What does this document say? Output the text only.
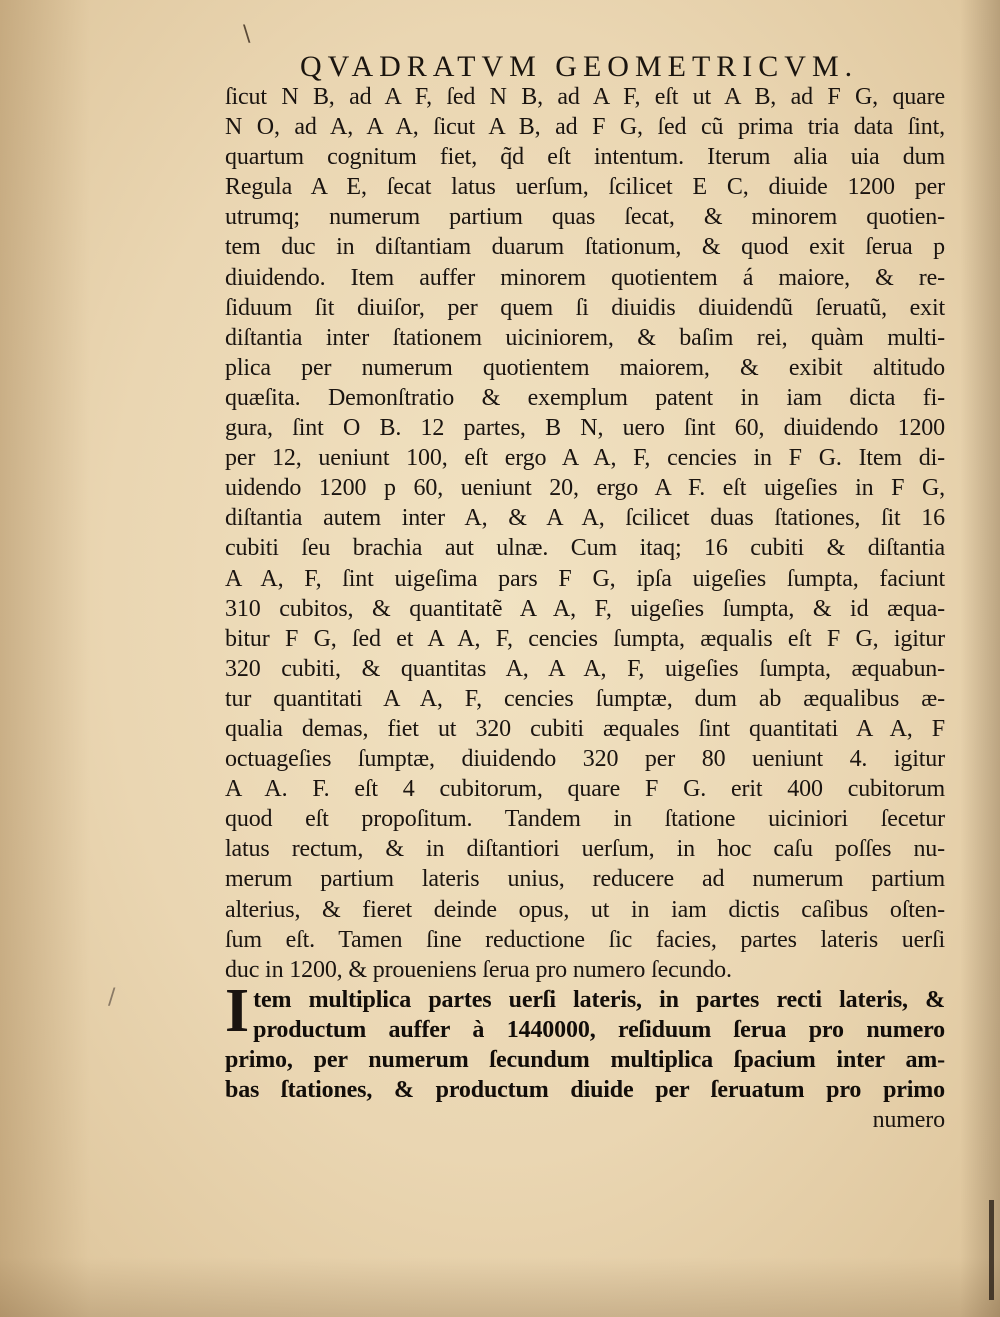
\
/
QVADRATVM GEOMETRICVM.
ſicut N B, ad A F, ſed N B, ad A F, eſt ut A B, ad F G, quare
N O, ad A, A A, ſicut A B, ad F G, ſed cũ prima tria data ſint,
quartum cognitum fiet, q̃d eſt intentum. Iterum alia uia dum
Regula A E, ſecat latus uerſum, ſcilicet E C, diuide 1200 per
utrumq; numerum partium quas ſecat, & minorem quotien-
tem duc in diſtantiam duarum ſtationum, & quod exit ſerua p
diuidendo. Item auffer minorem quotientem á maiore, & re-
ſiduum ſit diuiſor, per quem ſi diuidis diuidendũ ſeruatũ, exit
diſtantia inter ſtationem uiciniorem, & baſim rei, quàm multi-
plica per numerum quotientem maiorem, & exibit altitudo
quæſita. Demonſtratio & exemplum patent in iam dicta fi-
gura, ſint O B. 12 partes, B N, uero ſint 60, diuidendo 1200
per 12, ueniunt 100, eſt ergo A A, F, cencies in F G. Item di-
uidendo 1200 p 60, ueniunt 20, ergo A F. eſt uigeſies in F G,
diſtantia autem inter A, & A A, ſcilicet duas ſtationes, ſit 16
cubiti ſeu brachia aut ulnæ. Cum itaq; 16 cubiti & diſtantia
A A, F, ſint uigeſima pars F G, ipſa uigeſies ſumpta, faciunt
310 cubitos, & quantitatẽ A A, F, uigeſies ſumpta, & id æqua-
bitur F G, ſed et A A, F, cencies ſumpta, æqualis eſt F G, igitur
320 cubiti, & quantitas A, A A, F, uigeſies ſumpta, æquabun-
tur quantitati A A, F, cencies ſumptæ, dum ab æqualibus æ-
qualia demas, fiet ut 320 cubiti æquales ſint quantitati A A, F
octuageſies ſumptæ, diuidendo 320 per 80 ueniunt 4. igitur
A A. F. eſt 4 cubitorum, quare F G. erit 400 cubitorum
quod eſt propoſitum. Tandem in ſtatione uiciniori ſecetur
latus rectum, & in diſtantiori uerſum, in hoc caſu poſſes nu-
merum partium lateris unius, reducere ad numerum partium
alterius, & fieret deinde opus, ut in iam dictis caſibus oſten-
ſum eſt. Tamen ſine reductione ſic facies, partes lateris uerſi
duc in 1200, & proueniens ſerua pro numero ſecundo.
I tem multiplica partes uerſi lateris, in partes recti lateris, &
productum auffer à 1440000, reſiduum ſerua pro numero
primo, per numerum ſecundum multiplica ſpacium inter am-
bas ſtationes, & productum diuide per ſeruatum pro primo
numero
